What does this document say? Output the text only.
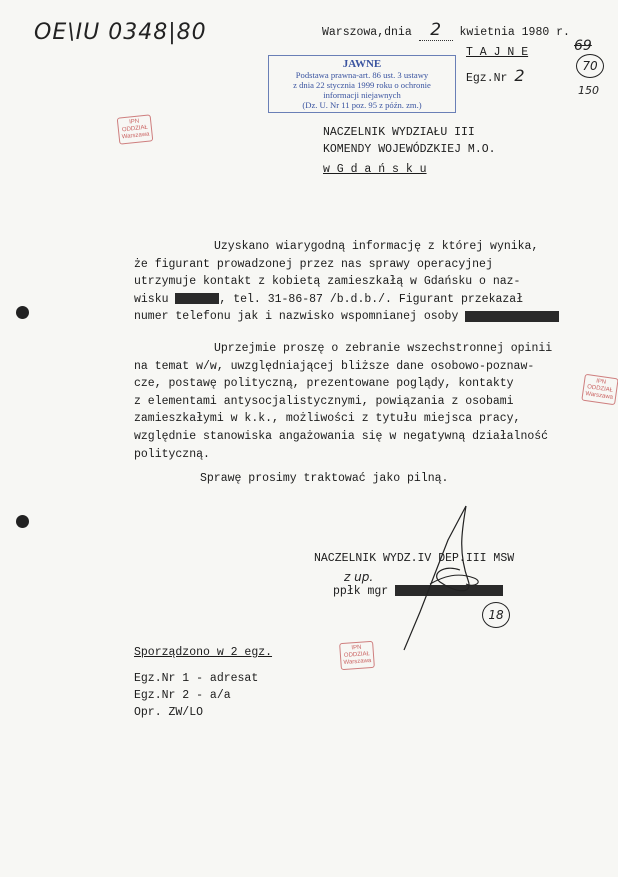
OE\IU 0348|80	Warszowa,dnia 2 kwietnia 1980 r.
T A J N E
Egz.Nr 2
69
70
150
JAWNE
Podstawa prawna-art. 86 ust. 3 ustawy
z dnia 22 stycznia 1999 roku o ochronie
informacji niejawnych
(Dz. U. Nr 11 poz. 95 z późn. zm.)
IPN
ODDZIAŁ
Warszawa
IPN
ODDZIAŁ
Warszawa
IPN
ODDZIAŁ
Warszawa
NACZELNIK WYDZIAŁU III
KOMENDY WOJEWÓDZKIEJ M.O.
w G d a ń s k u
Uzyskano wiarygodną informację z której wynika,
że figurant prowadzonej przez nas sprawy operacyjnej
utrzymuje kontakt z kobietą zamieszkałą w Gdańsku o naz-
wisku	, tel. 31-86-87 /b.d.b./. Figurant przekazał
numer telefonu jak i nazwisko wspomnianej osoby
Uprzejmie proszę o zebranie wszechstronnej opinii
na temat w/w, uwzględniającej bliższe dane osobowo-poznaw-
cze, postawę polityczną, prezentowane poglądy, kontakty
z elementami antysocjalistycznymi, powiązania z osobami
zamieszkałymi w k.k., możliwości z tytułu miejsca pracy,
względnie stanowiska angażowania się w negatywną działalność
polityczną.
Sprawę prosimy traktować jako pilną.
NACZELNIK WYDZ.IV DEP.III MSW
z up.
ppłk mgr
18
Sporządzono w 2 egz.
Egz.Nr 1 - adresat
Egz.Nr 2 - a/a
Opr. ZW/LO
